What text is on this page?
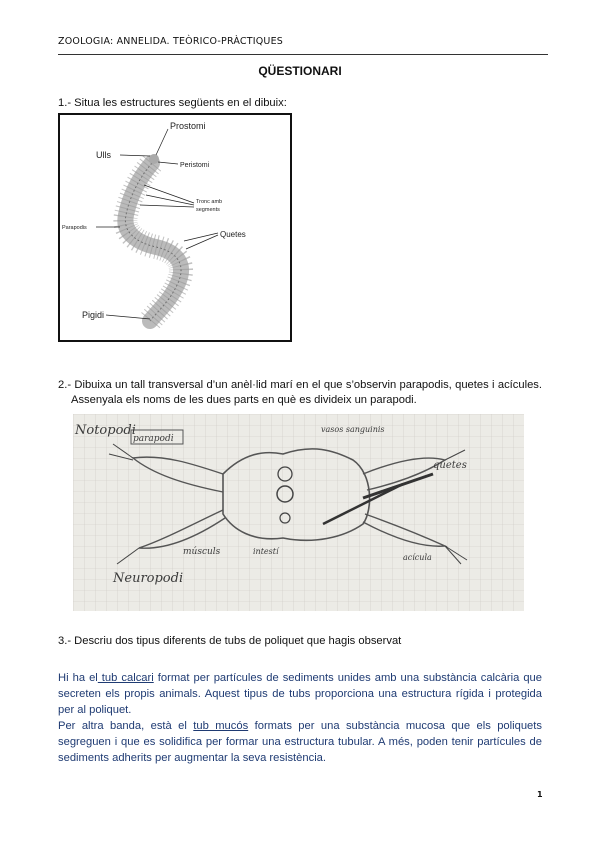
ZOOLOGIA: ANNELIDA. TEÒRICO-PRÀCTIQUES
QÜESTIONARI
1.- Situa les estructures següents en el dibuix:
Prostomi
Ulls
Peristomi
Tronc amb
segments
Parapodis
Quetes
Pigidi
2.- Dibuixa un tall transversal d’un anèl·lid marí en el que s’observin parapodis, quetes i acícules. Assenyala els noms de les dues parts en què es divideix un parapodi.
Notopodi
parapodi
vasos sanguinis
quetes
músculs	intestí
acícula
Neuropodi
3.- Descriu dos tipus diferents de tubs de poliquet que hagis observat

Hi ha el tub calcari format per partícules de sediments unides amb una substància calcària que secreten els propis animals. Aquest tipus de tubs proporciona una estructura rígida i protegida per al poliquet.

Per altra banda, està el tub mucós formats per una substància mucosa que els poliquets segreguen i que es solidifica per formar una estructura tubular. A més, poden tenir partícules de sediments adherits per augmentar la seva resistència.

1
